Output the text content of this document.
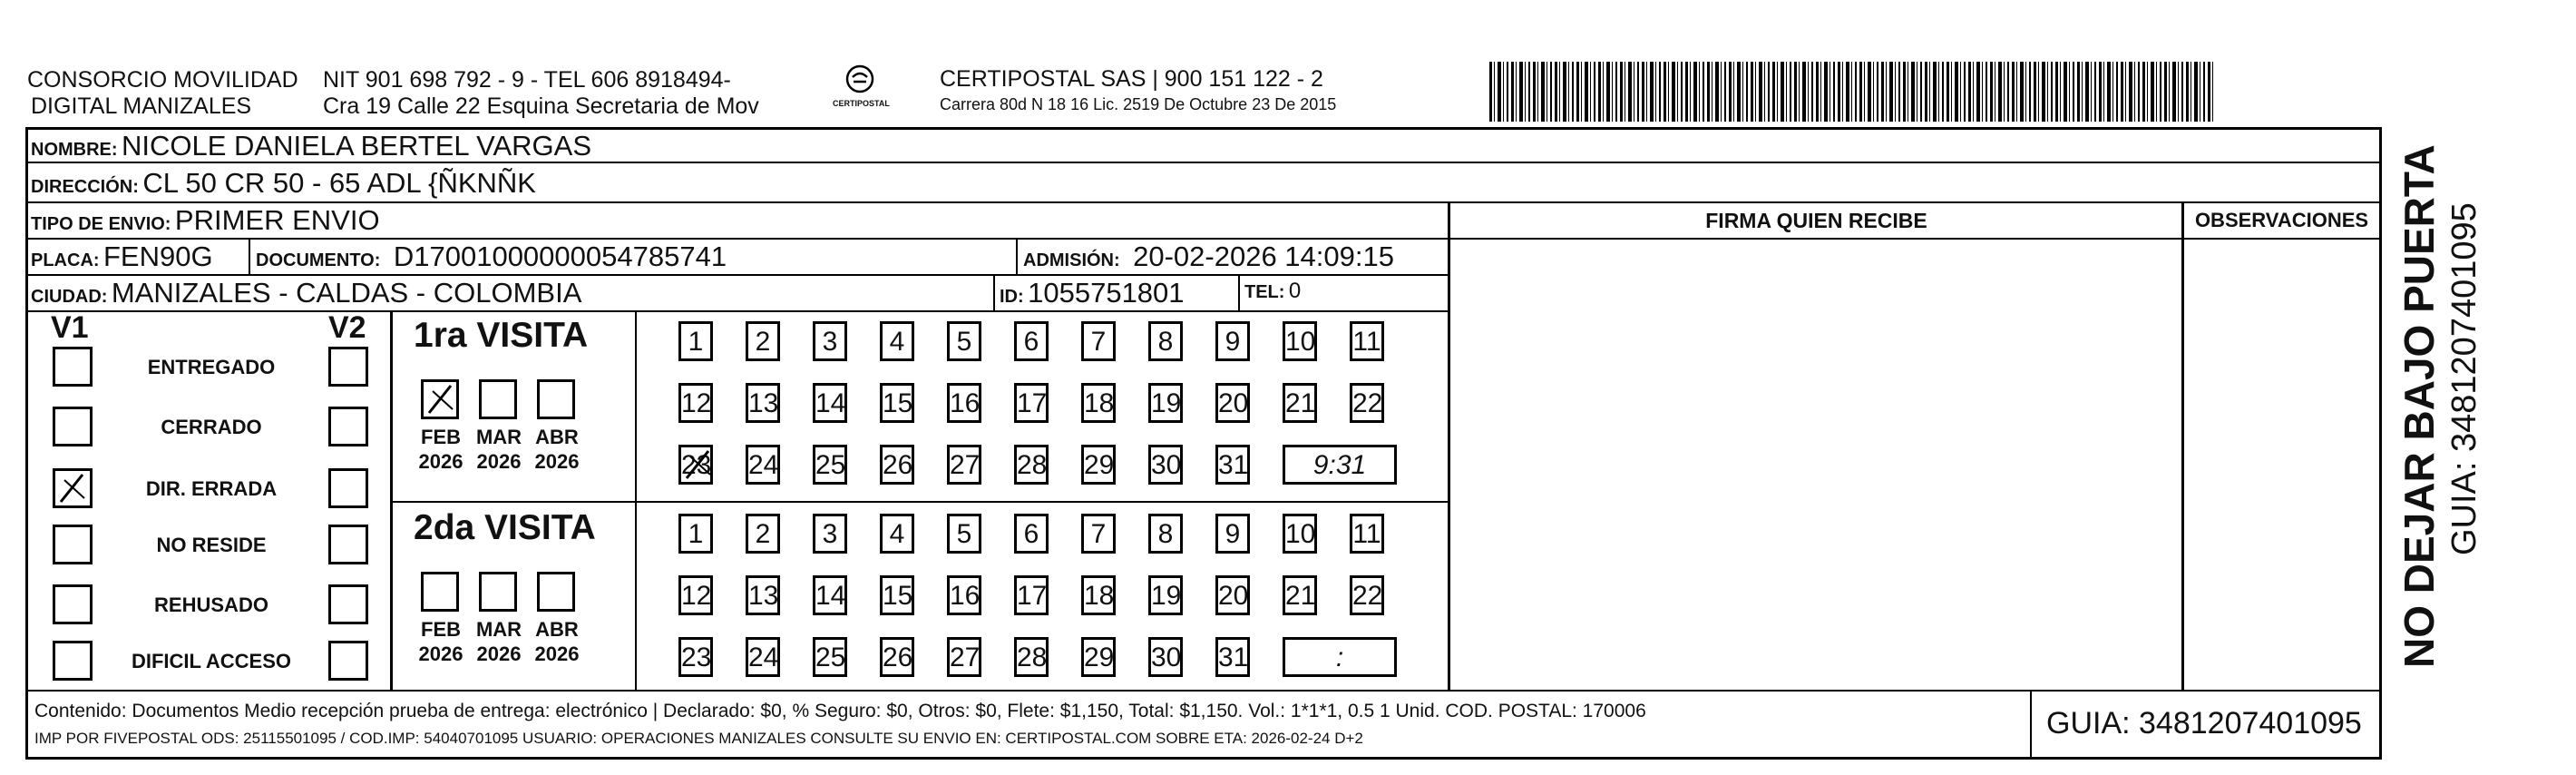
CONSORCIO MOVILIDAD
DIGITAL MANIZALES
NIT 901 698 792 - 9 - TEL 606 8918494-
Cra 19 Calle 22 Esquina Secretaria de Mov	CERTIPOSTAL
CERTIPOSTAL SAS | 900 151 122 - 2
Carrera 80d N 18 16 Lic. 2519 De Octubre 23 De 2015
NOMBRE: NICOLE DANIELA BERTEL VARGAS
DIRECCIÓN: CL 50 CR 50 - 65 ADL {ÑKNÑK
TIPO DE ENVIO: PRIMER ENVIO
PLACA: FEN90G DOCUMENTO: D17001000000054785741	ADMISIÓN: 20-02-2026 14:09:15
CIUDAD: MANIZALES - CALDAS - COLOMBIA	ID: 1055751801	TEL: 0
FIRMA QUIEN RECIBE	OBSERVACIONES
V1	V2
ENTREGADO
CERRADO
DIR. ERRADA
NO RESIDE
REHUSADO
DIFICIL ACCESO
1ra VISITA
2da VISITA
FEB
2026
MAR
2026
ABR
2026
1	2	3	4	5	6	7	8	9	10 11
12 13 14 15 16 17 18 19 20 21 22
23 24 25 26 27 28 29 30 31	9:31
FEB
2026
MAR
2026
ABR
2026
1	2	3	4	5	6	7	8	9	10 11
12 13 14 15 16 17 18 19 20 21 22
23 24 25 26 27 28 29 30 31	:
Contenido: Documentos Medio recepción prueba de entrega: electrónico | Declarado: $0, % Seguro: $0, Otros: $0, Flete: $1,150, Total: $1,150. Vol.: 1*1*1, 0.5 1 Unid. COD. POSTAL: 170006
IMP POR FIVEPOSTAL ODS: 25115501095 / COD.IMP: 54040701095 USUARIO: OPERACIONES MANIZALES CONSULTE SU ENVIO EN: CERTIPOSTAL.COM SOBRE ETA: 2026-02-24 D+2	GUIA: 3481207401095
NO DEJAR BAJO PUERTA GUIA: 3481207401095
